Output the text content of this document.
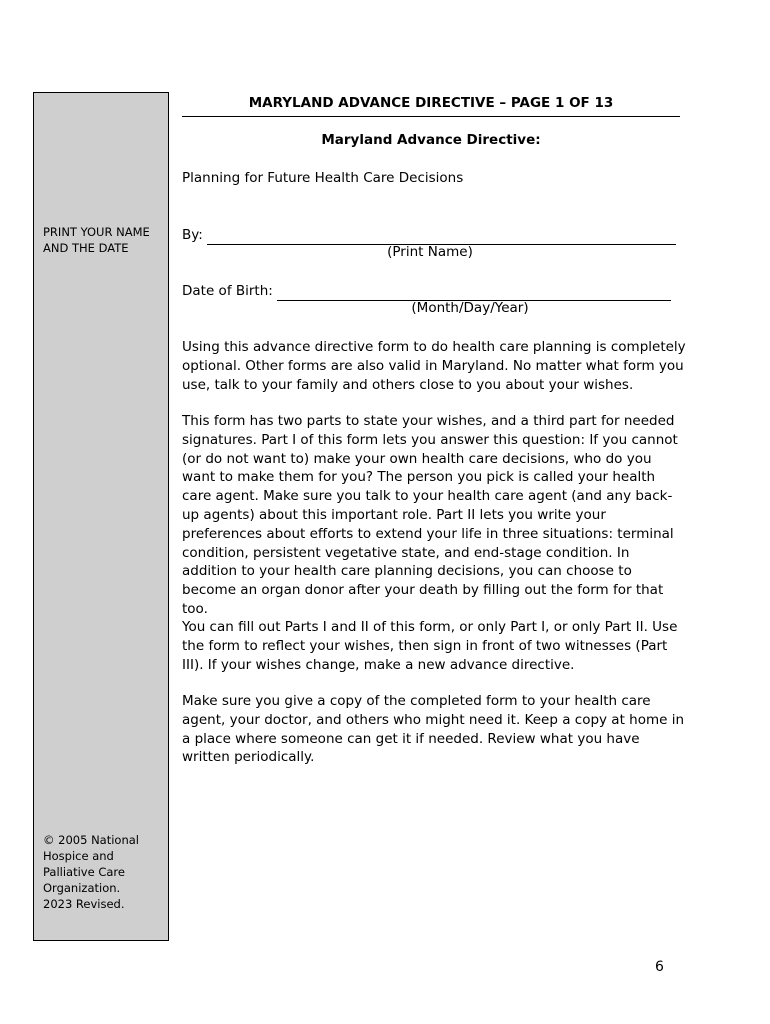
PRINT YOUR NAME
AND THE DATE
© 2005 National
Hospice and
Palliative Care
Organization.
2023 Revised.
MARYLAND ADVANCE DIRECTIVE – PAGE 1 OF 13
Maryland Advance Directive:
Planning for Future Health Care Decisions
By:
(Print Name)
Date of Birth:
(Month/Day/Year)
Using this advance directive form to do health care planning is completely optional. Other forms are also valid in Maryland. No matter what form you use, talk to your family and others close to you about your wishes.
This form has two parts to state your wishes, and a third part for needed signatures. Part I of this form lets you answer this question: If you cannot (or do not want to) make your own health care decisions, who do you want to make them for you? The person you pick is called your health care agent. Make sure you talk to your health care agent (and any back-up agents) about this important role. Part II lets you write your preferences about efforts to extend your life in three situations: terminal condition, persistent vegetative state, and end-stage condition. In addition to your health care planning decisions, you can choose to become an organ donor after your death by filling out the form for that too.
You can fill out Parts I and II of this form, or only Part I, or only Part II. Use the form to reflect your wishes, then sign in front of two witnesses (Part III). If your wishes change, make a new advance directive.
Make sure you give a copy of the completed form to your health care agent, your doctor, and others who might need it. Keep a copy at home in a place where someone can get it if needed. Review what you have written periodically.
6
